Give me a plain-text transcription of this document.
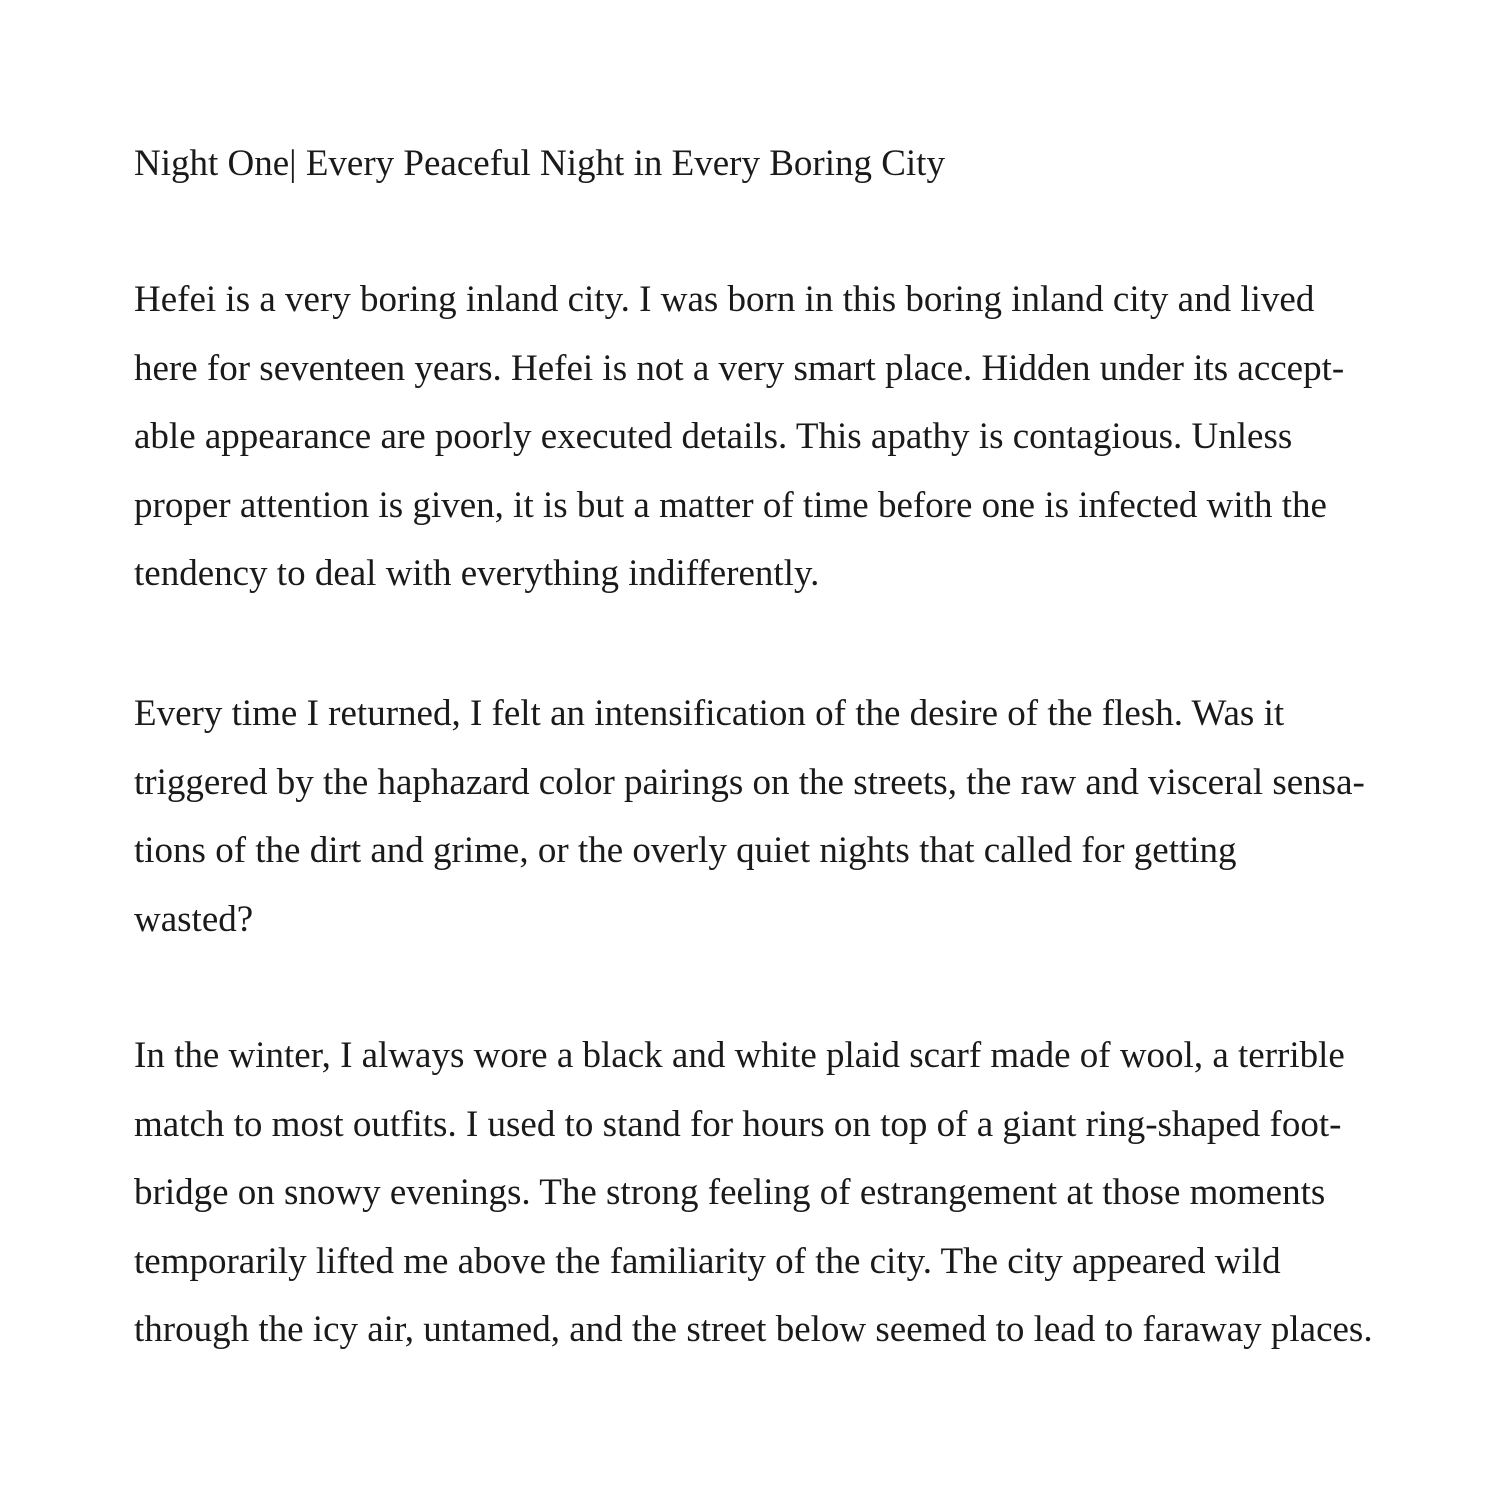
Night One| Every Peaceful Night in Every Boring City
Hefei is a very boring inland city. I was born in this boring inland city and lived
here for seventeen years. Hefei is not a very smart place. Hidden under its accept-
able appearance are poorly executed details. This apathy is contagious. Unless
proper attention is given, it is but a matter of time before one is infected with the
tendency to deal with everything indifferently.
Every time I returned, I felt an intensification of the desire of the flesh. Was it
triggered by the haphazard color pairings on the streets, the raw and visceral sensa-
tions of the dirt and grime, or the overly quiet nights that called for getting
wasted?
In the winter, I always wore a black and white plaid scarf made of wool, a terrible
match to most outfits. I used to stand for hours on top of a giant ring-shaped foot-
bridge on snowy evenings. The strong feeling of estrangement at those moments
temporarily lifted me above the familiarity of the city. The city appeared wild
through the icy air, untamed, and the street below seemed to lead to faraway places.
